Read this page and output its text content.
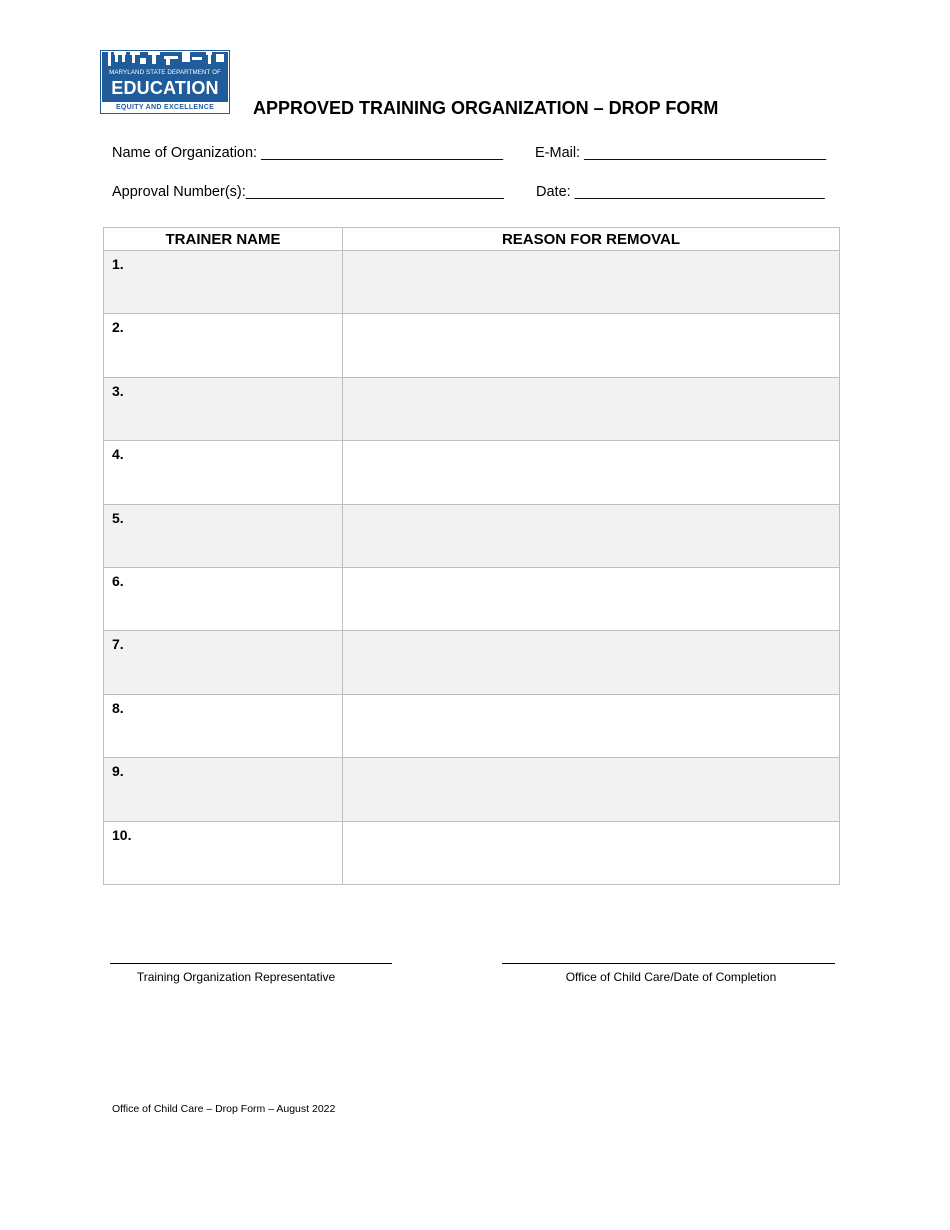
MARYLAND STATE DEPARTMENT OF
EDUCATION
EQUITY AND EXCELLENCE	APPROVED TRAINING ORGANIZATION – DROP FORM
Name of Organization: ______________________________ E-Mail: ______________________________
Approval Number(s):________________________________ Date: _______________________________
TRAINER NAME	REASON FOR REMOVAL

1.	

2.	

3.	

4.	

5.	

6.	

7.	

8.	

9.	

10.	

Training Organization Representative	Office of Child Care/Date of Completion
Office of Child Care – Drop Form – August 2022
